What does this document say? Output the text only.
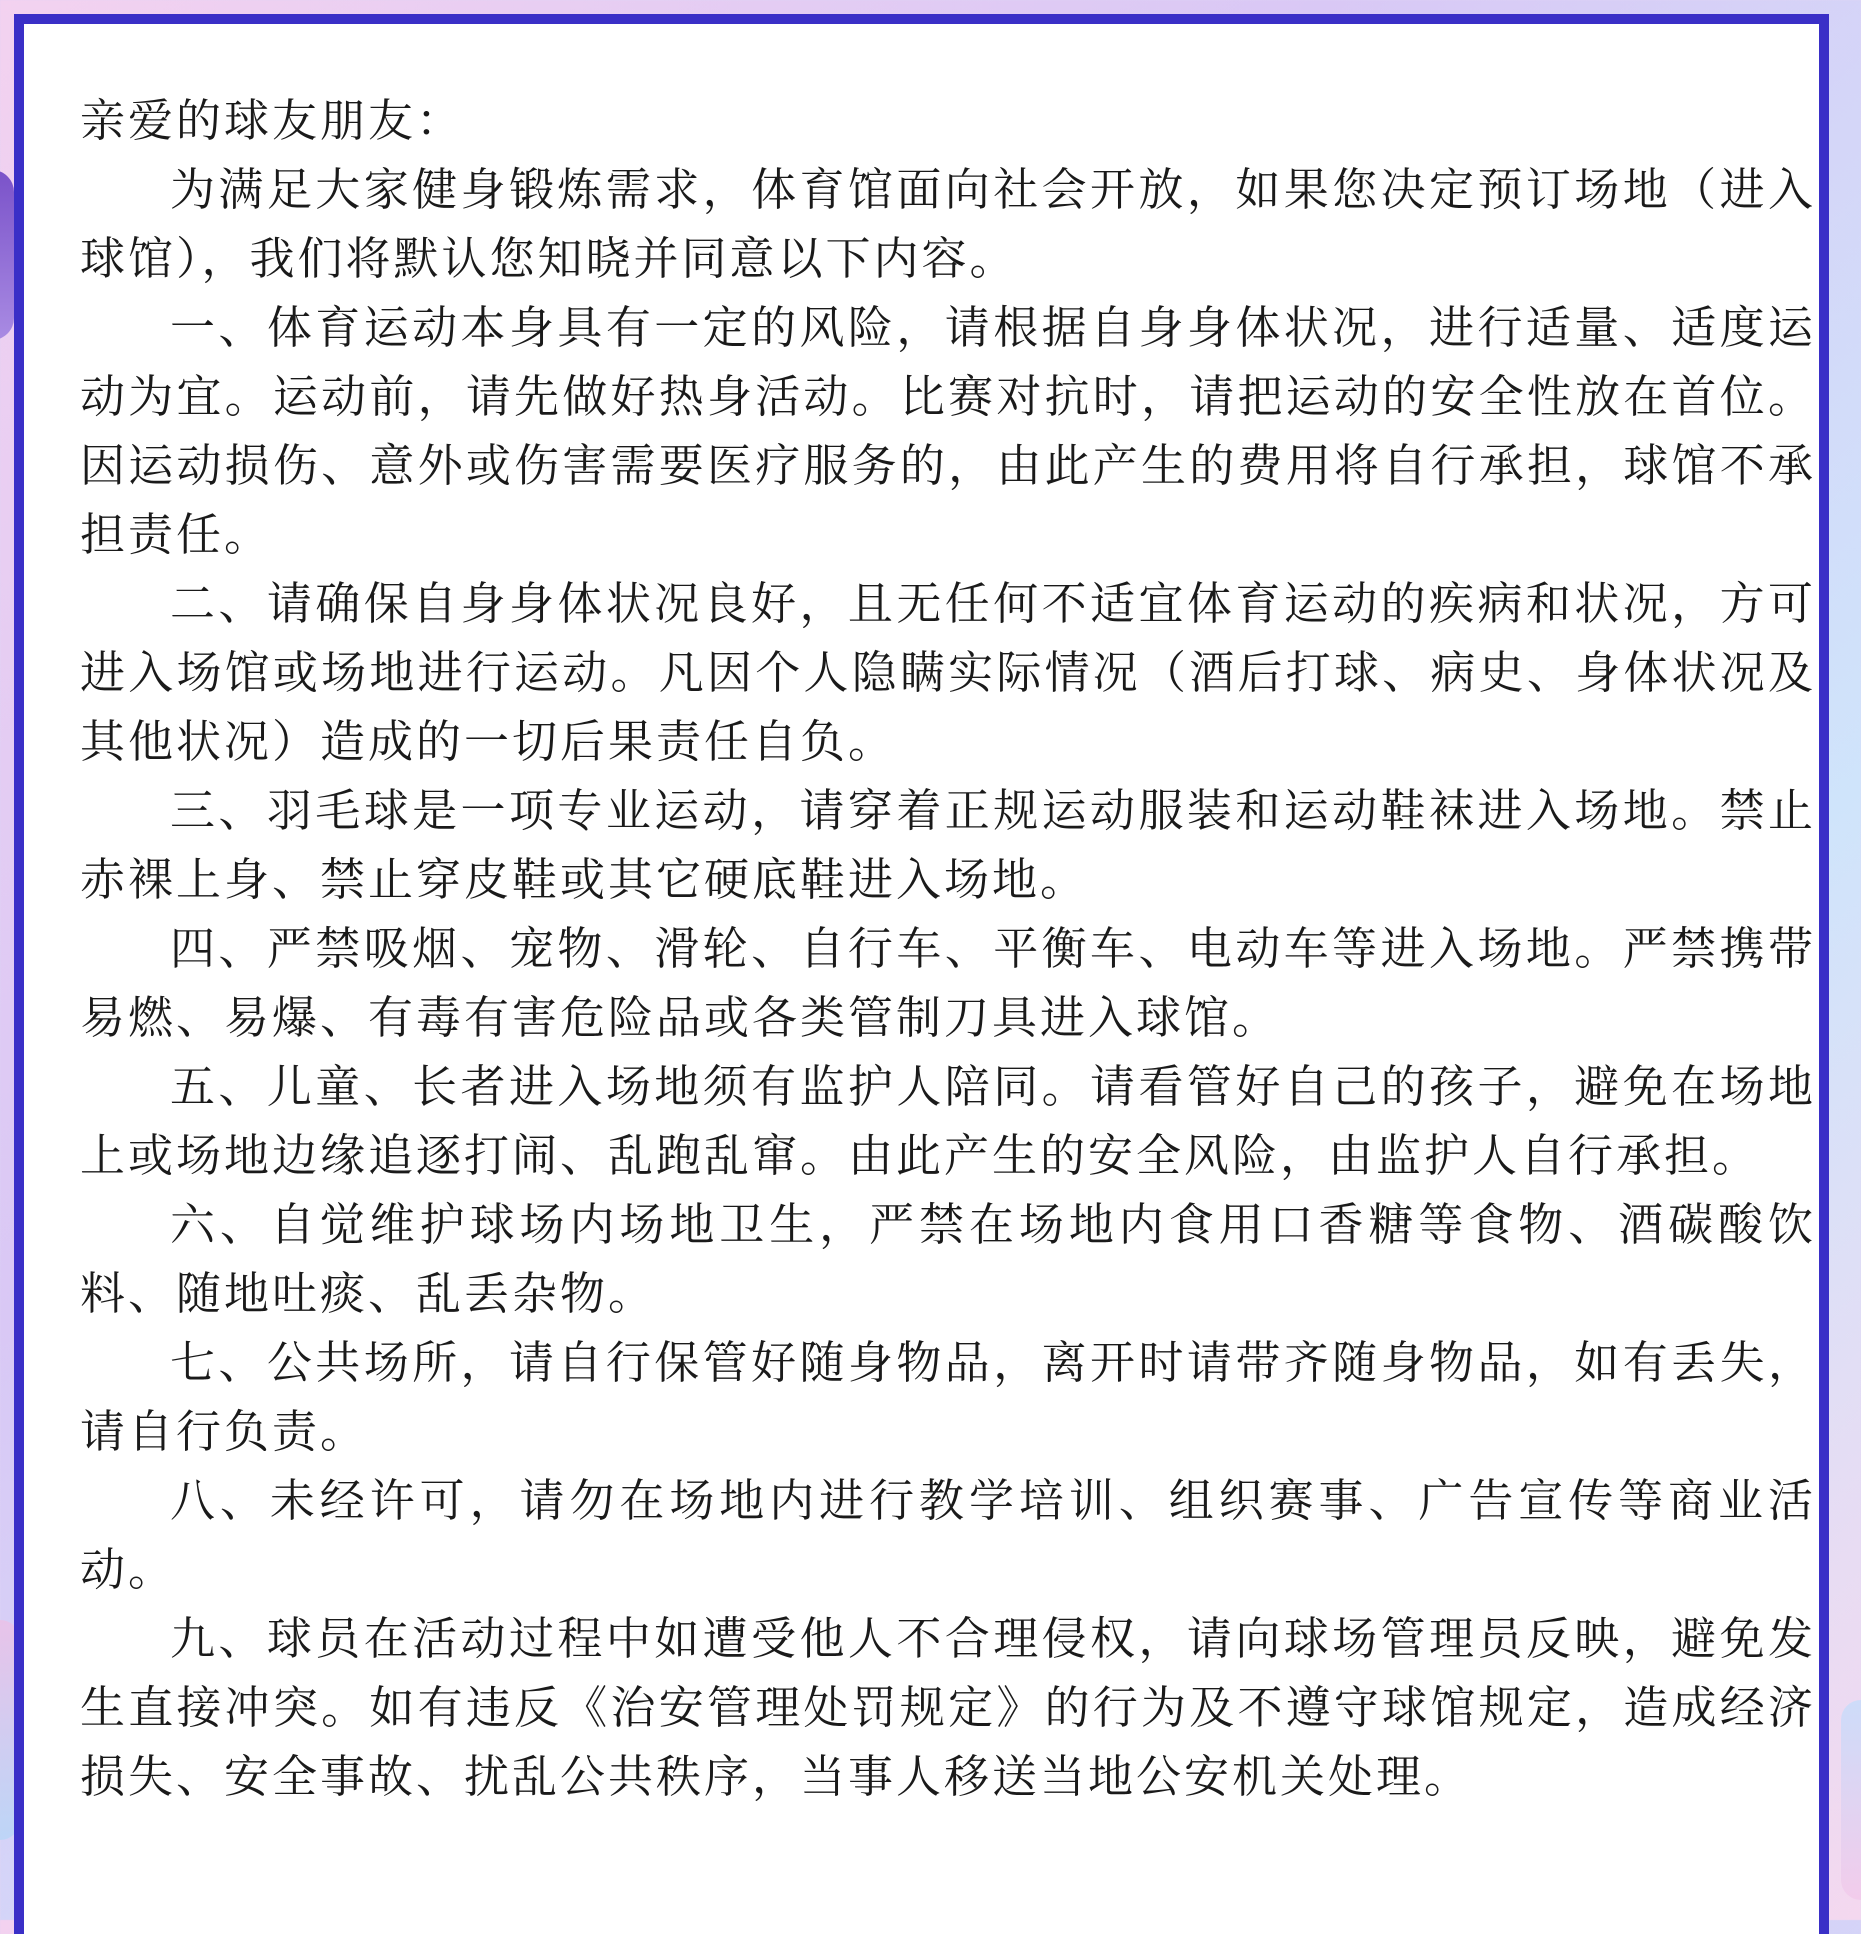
亲爱的球友朋友：

为满足大家健身锻炼需求，体育馆面向社会开放，如果您决定预订场地（进入球馆），我们将默认您知晓并同意以下内容。

一、体育运动本身具有一定的风险，请根据自身身体状况，进行适量、适度运动为宜。运动前，请先做好热身活动。比赛对抗时，请把运动的安全性放在首位。因运动损伤、意外或伤害需要医疗服务的，由此产生的费用将自行承担，球馆不承担责任。

二、请确保自身身体状况良好，且无任何不适宜体育运动的疾病和状况，方可进入场馆或场地进行运动。凡因个人隐瞒实际情况（酒后打球、病史、身体状况及其他状况）造成的一切后果责任自负。

三、羽毛球是一项专业运动，请穿着正规运动服装和运动鞋袜进入场地。禁止赤裸上身、禁止穿皮鞋或其它硬底鞋进入场地。

四、严禁吸烟、宠物、滑轮、自行车、平衡车、电动车等进入场地。严禁携带易燃、易爆、有毒有害危险品或各类管制刀具进入球馆。

五、儿童、长者进入场地须有监护人陪同。请看管好自己的孩子，避免在场地上或场地边缘追逐打闹、乱跑乱窜。由此产生的安全风险，由监护人自行承担。

六、自觉维护球场内场地卫生，严禁在场地内食用口香糖等食物、酒碳酸饮料、随地吐痰、乱丢杂物。

七、公共场所，请自行保管好随身物品，离开时请带齐随身物品，如有丢失，请自行负责。

八、未经许可，请勿在场地内进行教学培训、组织赛事、广告宣传等商业活动。

九、球员在活动过程中如遭受他人不合理侵权，请向球场管理员反映，避免发生直接冲突。如有违反《治安管理处罚规定》的行为及不遵守球馆规定，造成经济损失、安全事故、扰乱公共秩序，当事人移送当地公安机关处理。
